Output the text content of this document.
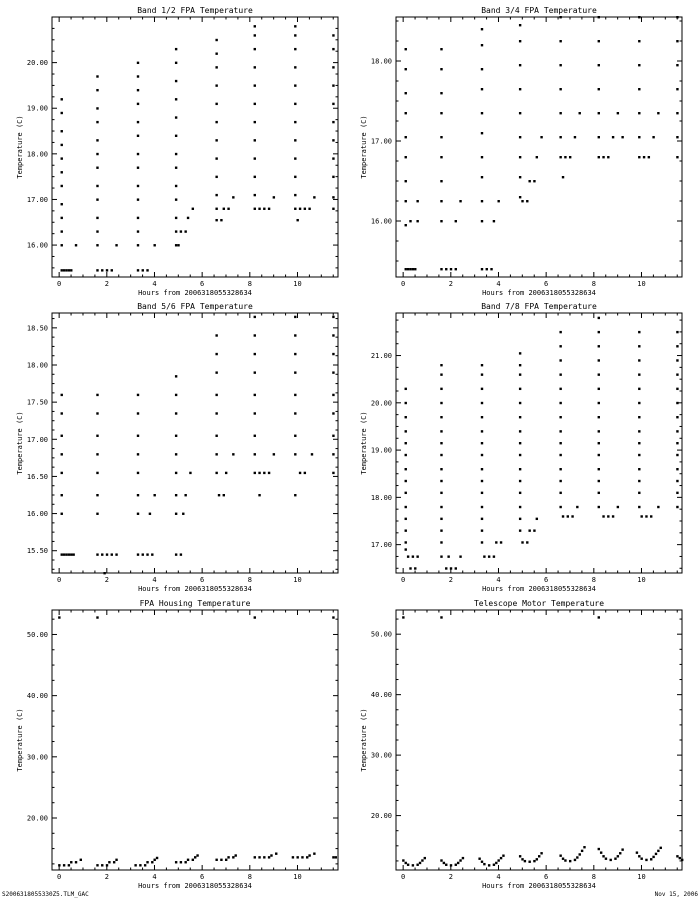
Band 1/2 FPA Temperature
Hours from 2006318055328634
Temperature (C)
0	2	4	6	8	10
16.00
17.00
18.00
19.00
20.00
Band 3/4 FPA Temperature
Hours from 2006318055328634
Temperature (C)
0	2	4	6	8	10
16.00
17.00
18.00
Band 5/6 FPA Temperature
Hours from 2006318055328634
Temperature (C)
0	2	4	6	8	10
15.50
16.00
16.50
17.00
17.50
18.00
18.50
Band 7/8 FPA Temperature
Hours from 2006318055328634
Temperature (C)
0	2	4	6	8	10
17.00
18.00
19.00
20.00
21.00
FPA Housing Temperature
Hours from 2006318055328634
Temperature (C)
0	2	4	6	8	10
20.00
30.00
40.00
50.00
Telescope Motor Temperature
Hours from 2006318055328634
Temperature (C)
0	2	4	6	8	10
20.00
30.00
40.00
50.00
S2006318055330Z5.TLM_GAC	Nov 15, 2006
